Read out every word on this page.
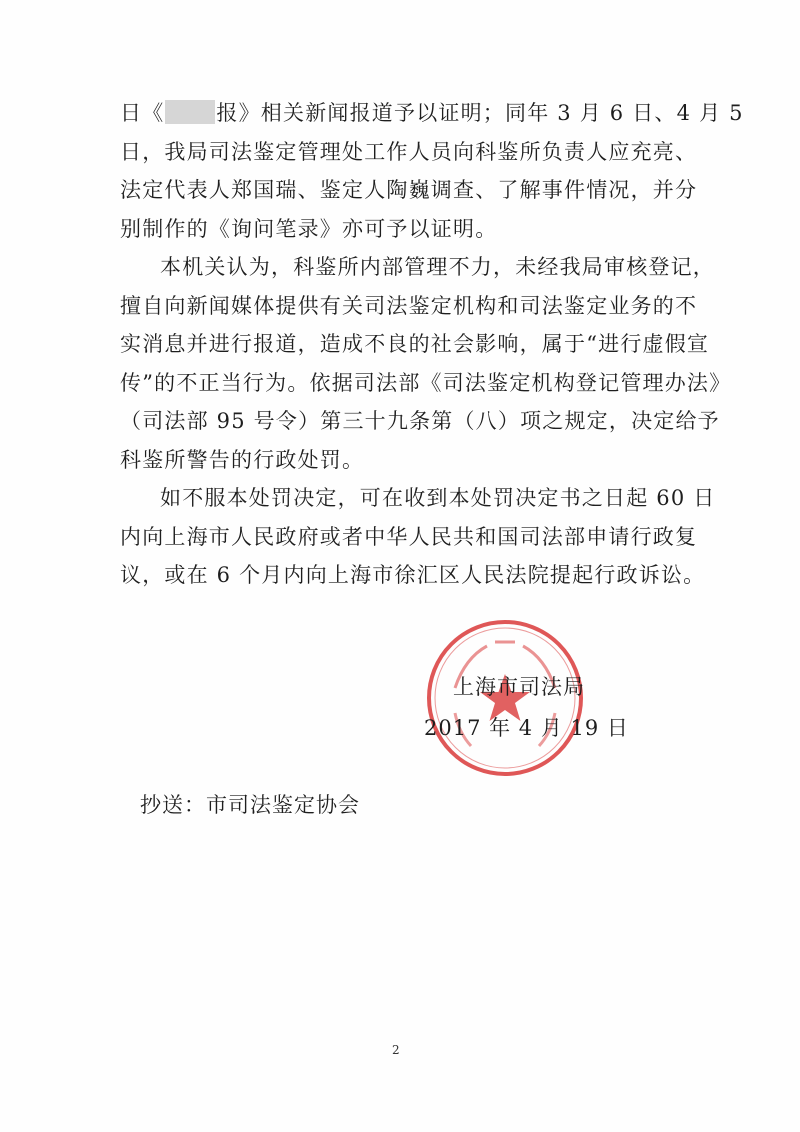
日《 报》相关新闻报道予以证明；同年 3 月 6 日、4 月 5
日，我局司法鉴定管理处工作人员向科鉴所负责人应充亮、
法定代表人郑国瑞、鉴定人陶巍调查、了解事件情况，并分
别制作的《询问笔录》亦可予以证明。
本机关认为，科鉴所内部管理不力，未经我局审核登记，
擅自向新闻媒体提供有关司法鉴定机构和司法鉴定业务的不
实消息并进行报道，造成不良的社会影响，属于“进行虚假宣
传”的不正当行为。依据司法部《司法鉴定机构登记管理办法》
（司法部 95 号令）第三十九条第（八）项之规定，决定给予
科鉴所警告的行政处罚。
如不服本处罚决定，可在收到本处罚决定书之日起 60 日
内向上海市人民政府或者中华人民共和国司法部申请行政复
议，或在 6 个月内向上海市徐汇区人民法院提起行政诉讼。
上海市司法局
2017 年 4 月 19 日
抄送：市司法鉴定协会
2
